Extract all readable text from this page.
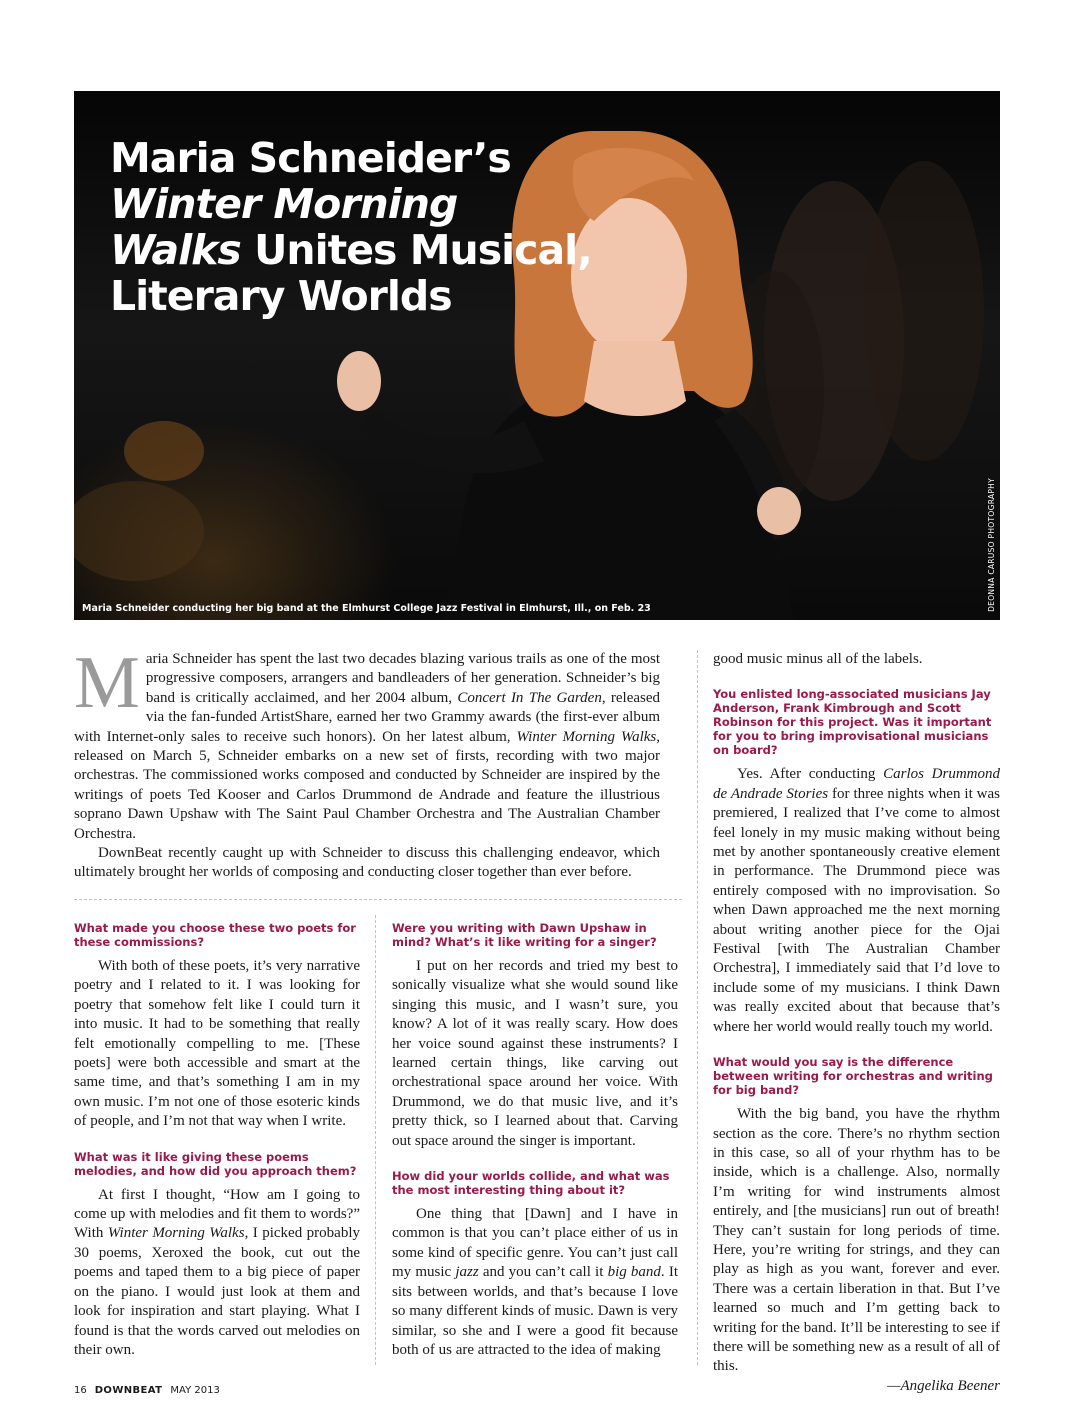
Maria Schneider’s
Winter Morning
Walks Unites Musical,
Literary Worlds
Maria Schneider conducting her big band at the Elmhurst College Jazz Festival in Elmhurst, Ill., on Feb. 23	DEONNA CARUSO PHOTOGRAPHY

Maria Schneider has spent the last two decades blazing various trails as one of the most progressive composers, arrangers and bandleaders of her generation. Schneider’s big band is critically acclaimed, and her 2004 album, Concert In The Garden, released via the fan-funded ArtistShare, earned her two Grammy awards (the first-ever album with Internet-only sales to receive such honors). On her latest album, Winter Morning Walks, released on March 5, Schneider embarks on a new set of firsts, recording with two major orchestras. The commissioned works composed and conducted by Schneider are inspired by the writings of poets Ted Kooser and Carlos Drummond de Andrade and feature the illustrious soprano Dawn Upshaw with The Saint Paul Chamber Orchestra and The Australian Chamber Orchestra.

DownBeat recently caught up with Schneider to discuss this challenging endeavor, which ultimately brought her worlds of composing and conducting closer together than ever before.

What made you choose these two poets for these commissions?

With both of these poets, it’s very narrative poetry and I related to it. I was looking for poetry that somehow felt like I could turn it into music. It had to be something that really felt emotionally compelling to me. [These poets] were both accessible and smart at the same time, and that’s something I am in my own music. I’m not one of those esoteric kinds of people, and I’m not that way when I write.

What was it like giving these poems melodies, and how did you approach them?

At first I thought, “How am I going to come up with melodies and fit them to words?” With Winter Morning Walks, I picked probably 30 poems, Xeroxed the book, cut out the poems and taped them to a big piece of paper on the piano. I would just look at them and look for inspiration and start playing. What I found is that the words carved out melodies on their own.

Were you writing with Dawn Upshaw in mind? What’s it like writing for a singer?

I put on her records and tried my best to sonically visualize what she would sound like singing this music, and I wasn’t sure, you know? A lot of it was really scary. How does her voice sound against these instruments? I learned certain things, like carving out orchestrational space around her voice. With Drummond, we do that music live, and it’s pretty thick, so I learned about that. Carving out space around the singer is important.

How did your worlds collide, and what was the most interesting thing about it?

One thing that [Dawn] and I have in common is that you can’t place either of us in some kind of specific genre. You can’t just call my music jazz and you can’t call it big band. It sits between worlds, and that’s because I love so many different kinds of music. Dawn is very similar, so she and I were a good fit because both of us are attracted to the idea of making

good music minus all of the labels.

You enlisted long-associated musicians Jay Anderson, Frank Kimbrough and Scott Robinson for this project. Was it important for you to bring improvisational musicians on board?

Yes. After conducting Carlos Drummond de Andrade Stories for three nights when it was premiered, I realized that I’ve come to almost feel lonely in my music making without being met by another spontaneously creative element in performance. The Drummond piece was entirely composed with no improvisation. So when Dawn approached me the next morning about writing another piece for the Ojai Festival [with The Australian Chamber Orchestra], I immediately said that I’d love to include some of my musicians. I think Dawn was really excited about that because that’s where her world would really touch my world.

What would you say is the difference between writing for orchestras and writing for big band?

With the big band, you have the rhythm section as the core. There’s no rhythm section in this case, so all of your rhythm has to be inside, which is a challenge. Also, normally I’m writing for wind instruments almost entirely, and [the musicians] run out of breath! They can’t sustain for long periods of time. Here, you’re writing for strings, and they can play as high as you want, forever and ever. There was a certain liberation in that. But I’ve learned so much and I’m getting back to writing for the band. It’ll be interesting to see if there will be something new as a result of all of this.

—Angelika Beener

16 DOWNBEAT MAY 2013
